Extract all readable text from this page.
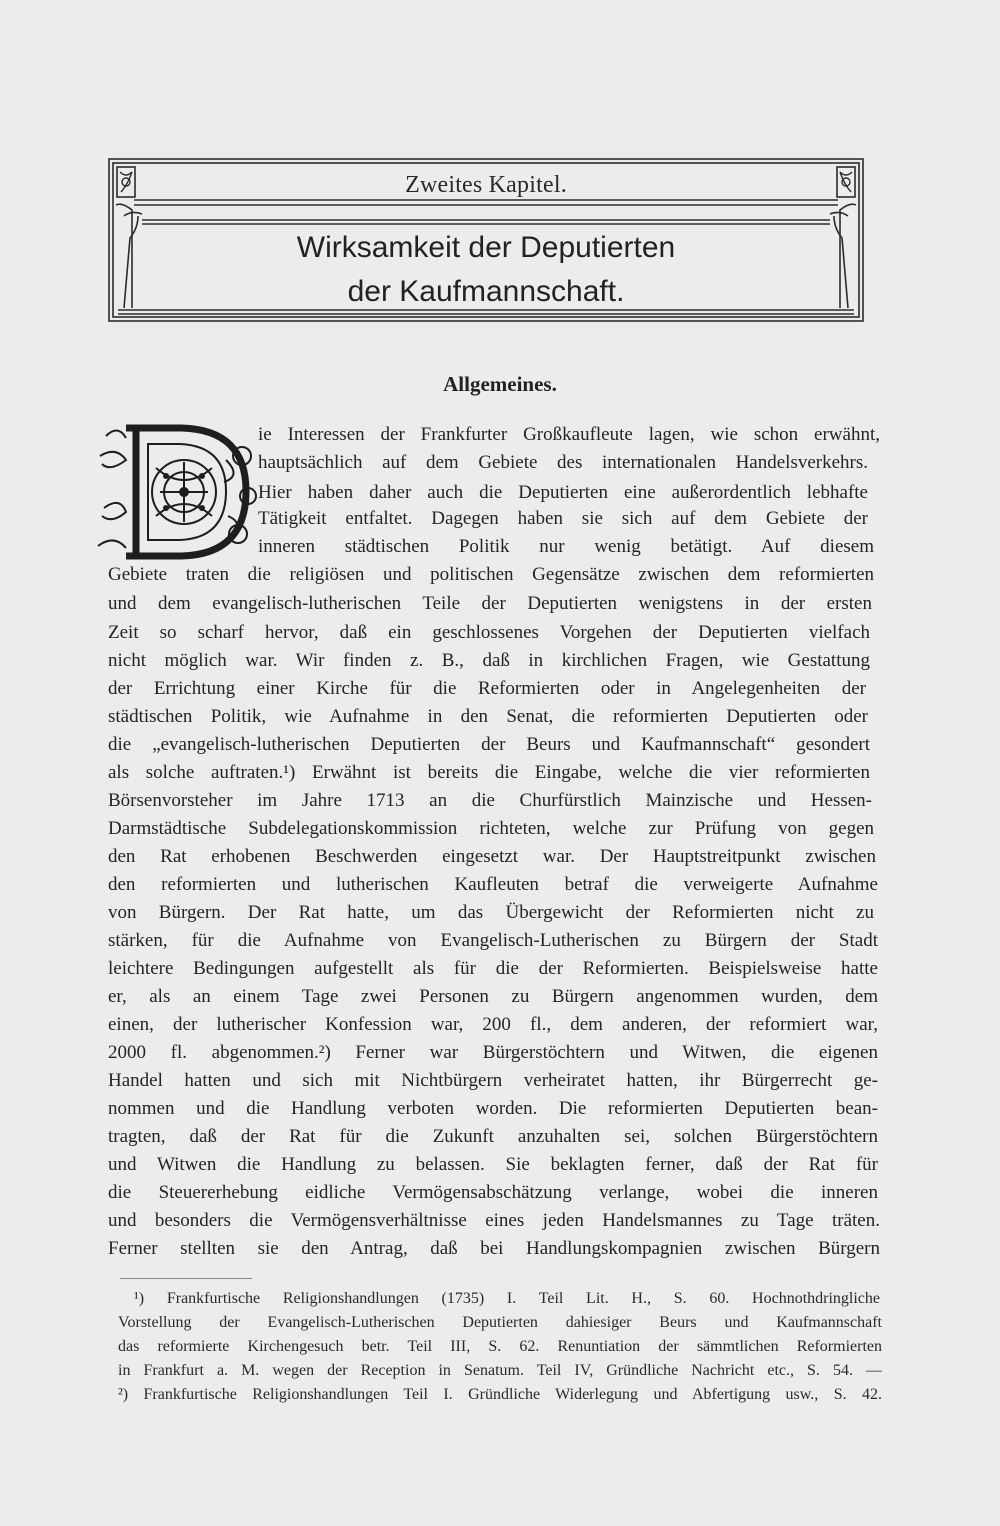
Zweites Kapitel.
Wirksamkeit der Deputierten
der Kaufmannschaft.
Allgemeines.
ie Interessen der Frankfurter Großkaufleute lagen, wie schon erwähnt,
hauptsächlich auf dem Gebiete des internationalen Handelsverkehrs.
Hier haben daher auch die Deputierten eine außerordentlich lebhafte
Tätigkeit entfaltet. Dagegen haben sie sich auf dem Gebiete der
inneren städtischen Politik nur wenig betätigt. Auf diesem
Gebiete traten die religiösen und politischen Gegensätze zwischen dem reformierten
und dem evangelisch-lutherischen Teile der Deputierten wenigstens in der ersten
Zeit so scharf hervor, daß ein geschlossenes Vorgehen der Deputierten vielfach
nicht möglich war. Wir finden z. B., daß in kirchlichen Fragen, wie Gestattung
der Errichtung einer Kirche für die Reformierten oder in Angelegenheiten der
städtischen Politik, wie Aufnahme in den Senat, die reformierten Deputierten oder
die „evangelisch-lutherischen Deputierten der Beurs und Kaufmannschaft“ gesondert
als solche auftraten.¹) Erwähnt ist bereits die Eingabe, welche die vier reformierten
Börsenvorsteher im Jahre 1713 an die Churfürstlich Mainzische und Hessen-
Darmstädtische Subdelegationskommission richteten, welche zur Prüfung von gegen
den Rat erhobenen Beschwerden eingesetzt war. Der Hauptstreitpunkt zwischen
den reformierten und lutherischen Kaufleuten betraf die verweigerte Aufnahme
von Bürgern. Der Rat hatte, um das Übergewicht der Reformierten nicht zu
stärken, für die Aufnahme von Evangelisch-Lutherischen zu Bürgern der Stadt
leichtere Bedingungen aufgestellt als für die der Reformierten. Beispielsweise hatte
er, als an einem Tage zwei Personen zu Bürgern angenommen wurden, dem
einen, der lutherischer Konfession war, 200 fl., dem anderen, der reformiert war,
2000 fl. abgenommen.²) Ferner war Bürgerstöchtern und Witwen, die eigenen
Handel hatten und sich mit Nichtbürgern verheiratet hatten, ihr Bürgerrecht ge-
nommen und die Handlung verboten worden. Die reformierten Deputierten bean-
tragten, daß der Rat für die Zukunft anzuhalten sei, solchen Bürgerstöchtern
und Witwen die Handlung zu belassen. Sie beklagten ferner, daß der Rat für
die Steuererhebung eidliche Vermögensabschätzung verlange, wobei die inneren
und besonders die Vermögensverhältnisse eines jeden Handelsmannes zu Tage träten.
Ferner stellten sie den Antrag, daß bei Handlungskompagnien zwischen Bürgern
¹) Frankfurtische Religionshandlungen (1735) I. Teil Lit. H., S. 60. Hochnothdringliche
Vorstellung der Evangelisch-Lutherischen Deputierten dahiesiger Beurs und Kaufmannschaft
das reformierte Kirchengesuch betr. Teil III, S. 62. Renuntiation der sämmtlichen Reformierten
in Frankfurt a. M. wegen der Reception in Senatum. Teil IV, Gründliche Nachricht etc., S. 54. —
²) Frankfurtische Religionshandlungen Teil I. Gründliche Widerlegung und Abfertigung usw., S. 42.
